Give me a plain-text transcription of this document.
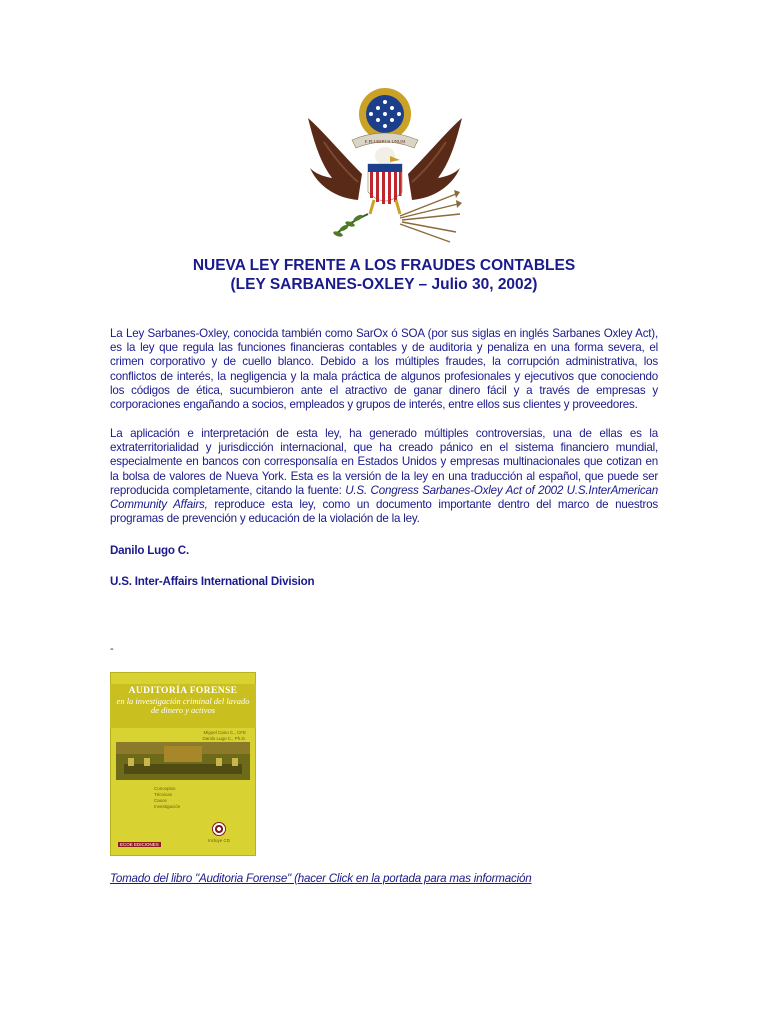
E PLURIBUS UNUM
NUEVA LEY FRENTE A LOS FRAUDES CONTABLES
(LEY SARBANES-OXLEY – Julio 30, 2002)

La Ley Sarbanes-Oxley, conocida también como SarOx ó SOA (por sus siglas en inglés Sarbanes Oxley Act), es la ley que regula las funciones financieras contables y de auditoria y penaliza en una forma severa, el crimen corporativo y de cuello blanco. Debido a los múltiples fraudes, la corrupción administrativa, los conflictos de interés, la negligencia y la mala práctica de algunos profesionales y ejecutivos que conociendo los códigos de ética, sucumbieron ante el atractivo de ganar dinero fácil y a través de empresas y corporaciones engañando a socios, empleados y grupos de interés, entre ellos sus clientes y proveedores.

La aplicación e interpretación de esta ley, ha generado múltiples controversias, una de ellas es la extraterritorialidad y jurisdicción internacional, que ha creado pánico en el sistema financiero mundial, especialmente en bancos con corresponsalía en Estados Unidos y empresas multinacionales que cotizan en la bolsa de valores de Nueva York. Esta es la versión de la ley en una traducción al español, que puede ser reproducida completamente, citando la fuente: U.S. Congress Sarbanes-Oxley Act of 2002 U.S.InterAmerican Community Affairs, reproduce esta ley, como un documento importante dentro del marco de nuestros programas de prevención y educación de la violación de la ley.

Danilo Lugo C.

U.S. Inter-Affairs International Division

-
AUDITORÍA FORENSE
en la investigación criminal del lavado de dinero y activos
Miguel Cano C., CFE
Danilo Lugo C., Ph.D.
Conceptos
Técnicas
Casos
Investigación
Incluye CD
ECOE EDICIONES
Tomado del libro "Auditoria Forense" (hacer Click en la portada para mas información
